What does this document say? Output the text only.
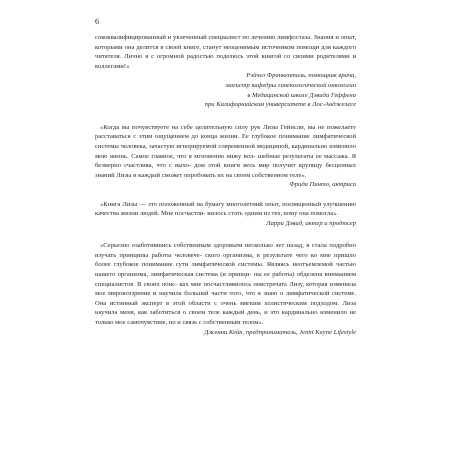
6

сококвалифицированный и увлеченный специалист по лечению лимфостаза. Знания и опыт, которыми она делится в своей книге, станут неоценимым источником помощи для каждого читателя. Лично я с огромной радостью поделюсь этой книгой со своими родителями и коллегами!»

Рэйчел Франкенталь, помощник врача,
магистр кафедры гинекологической онкологии
в Медицинской школе Дэвида Геффена
при Калифорнийском университете в Лос-Анджелесе

«Когда вы почувствуете на себе целительную силу рук Лизы Гейнсли, вы не пожелаете расставаться с этим ощущением до конца жизни. Ее глубокое понимание лимфатической системы человека, зачастую игнорируемой современной медициной, кардинально изменило мою жизнь. Самое главное, что я мгновенно вижу вол- шебные результаты ее массажа. Я безмерно счастлива, что с выхо- дом этой книги весь мир получит крупицу бесценных знаний Лизы и каждый сможет опробовать их на своем собственном теле».

Фрида Пинто, актриса

«Книга Лизы — это положенный на бумагу многолетний опыт, посвященный улучшению качества жизни людей. Мне посчастли- вилось стать одним из тех, кому она помогла».

Ларри Дэвид, актер и продюсер

«Серьезно озаботившись собственным здоровьем несколько лет назад, я стала подробно изучать принципы работы человече- ского организма, в результате чего ко мне пришло более глубокое понимание сути лимфатической системы. Являясь неотъемлемой частью нашего организма, лимфатическая система (и принци- пы ее работы) обделена вниманием специалистов. В своих поис- ках мне посчастливилось повстречать Лизу, которая изменила мое мировоззрение и научила большей части того, что я знаю о лимфатической системе. Она истинный эксперт в этой области с очень мягким холистическим подходом. Лиза научила меня, как заботиться о своем теле каждый день, и это кардинально изменило не только мое самочувствие, но и связь с собственным телом».

Дженни Кейн, предприниматель, Jenni Kayne Lifestyle
